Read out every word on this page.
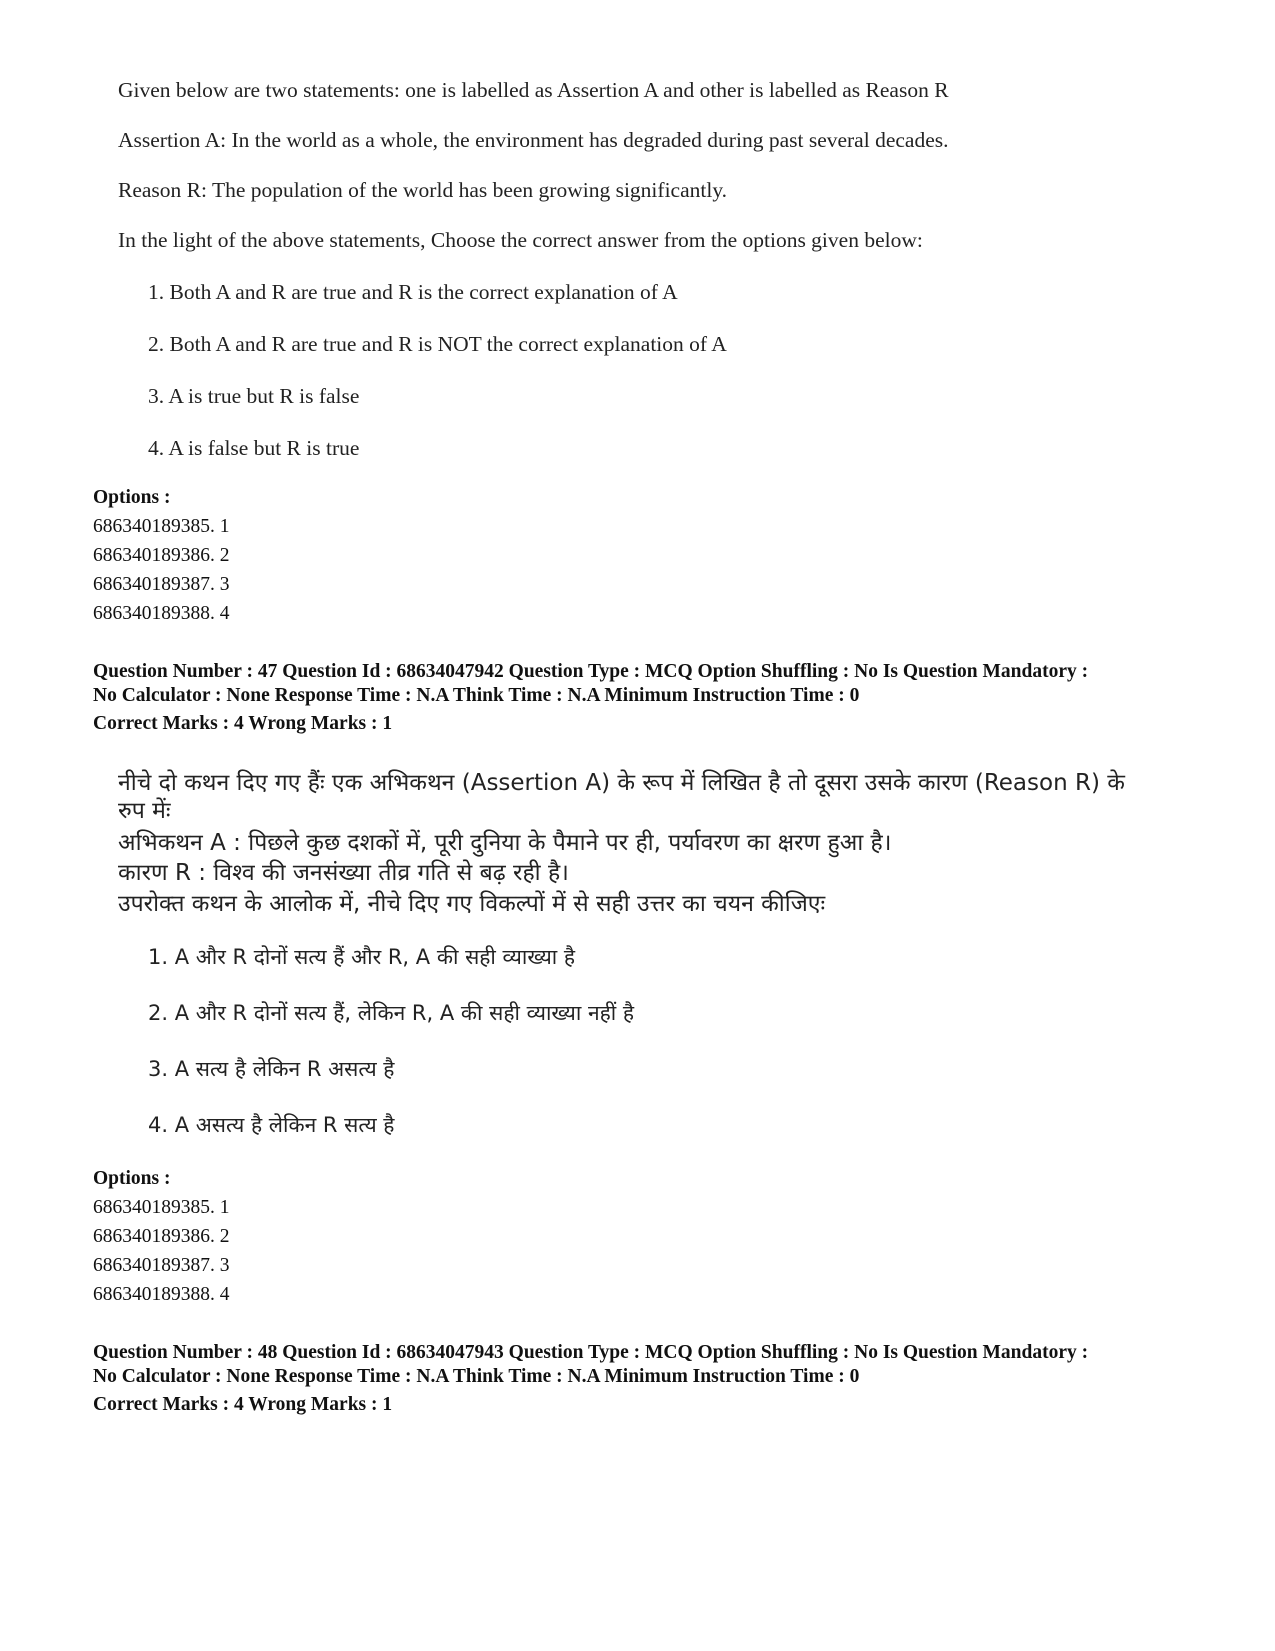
Given below are two statements: one is labelled as Assertion A and other is labelled as Reason R

Assertion A: In the world as a whole, the environment has degraded during past several decades.

Reason R: The population of the world has been growing significantly.

In the light of the above statements, Choose the correct answer from the options given below:

1. Both A and R are true and R is the correct explanation of A

2. Both A and R are true and R is NOT the correct explanation of A

3. A is true but R is false

4. A is false but R is true

Options :
686340189385. 1
686340189386. 2
686340189387. 3
686340189388. 4
Question Number : 47 Question Id : 68634047942 Question Type : MCQ Option Shuffling : No Is Question Mandatory :
No Calculator : None Response Time : N.A Think Time : N.A Minimum Instruction Time : 0
Correct Marks : 4 Wrong Marks : 1

नीचे दो कथन दिए गए हैंः एक अभिकथन (Assertion A) के रूप में लिखित है तो दूसरा उसके कारण (Reason R) के

रुप मेंः

अभिकथन A : पिछले कुछ दशकों में, पूरी दुनिया के पैमाने पर ही, पर्यावरण का क्षरण हुआ है।

कारण R : विश्व की जनसंख्या तीव्र गति से बढ़ रही है।

उपरोक्त कथन के आलोक में, नीचे दिए गए विकल्पों में से सही उत्तर का चयन कीजिएः

1. A और R दोनों सत्य हैं और R, A की सही व्याख्या है

2. A और R दोनों सत्य हैं, लेकिन R, A की सही व्याख्या नहीं है

3. A सत्य है लेकिन R असत्य है

4. A असत्य है लेकिन R सत्य है

Options :
686340189385. 1
686340189386. 2
686340189387. 3
686340189388. 4
Question Number : 48 Question Id : 68634047943 Question Type : MCQ Option Shuffling : No Is Question Mandatory :
No Calculator : None Response Time : N.A Think Time : N.A Minimum Instruction Time : 0
Correct Marks : 4 Wrong Marks : 1
